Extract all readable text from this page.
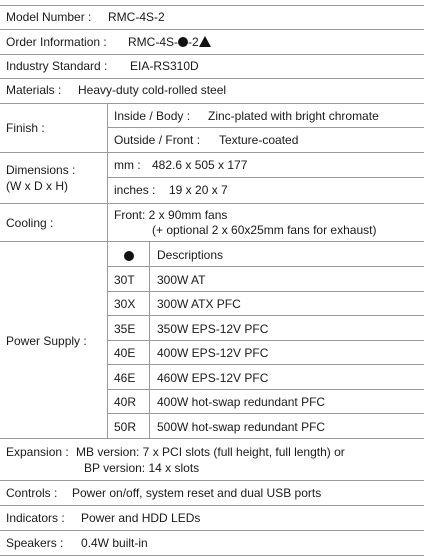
Model Number : RMC-4S-2
Order Information : RMC-4S- -2
Industry Standard : EIA-RS310D
Materials : Heavy-duty cold-rolled steel
Finish :
Inside / Body : Zinc-plated with bright chromate
Outside / Front : Texture-coated
Dimensions :
(W x D x H)
mm : 482.6 x 505 x 177
inches : 19 x 20 x 7
Cooling :
Front: 2 x 90mm fans
(+ optional 2 x 60x25mm fans for exhaust)
Power Supply :
Descriptions
30T 300W AT
30X 300W ATX PFC
35E 350W EPS-12V PFC
40E 400W EPS-12V PFC
46E 460W EPS-12V PFC
40R 400W hot-swap redundant PFC
50R 500W hot-swap redundant PFC
Expansion : MB version: 7 x PCI slots (full height, full length) or
BP version: 14 x slots
Controls : Power on/off, system reset and dual USB ports
Indicators : Power and HDD LEDs
Speakers : 0.4W built-in
